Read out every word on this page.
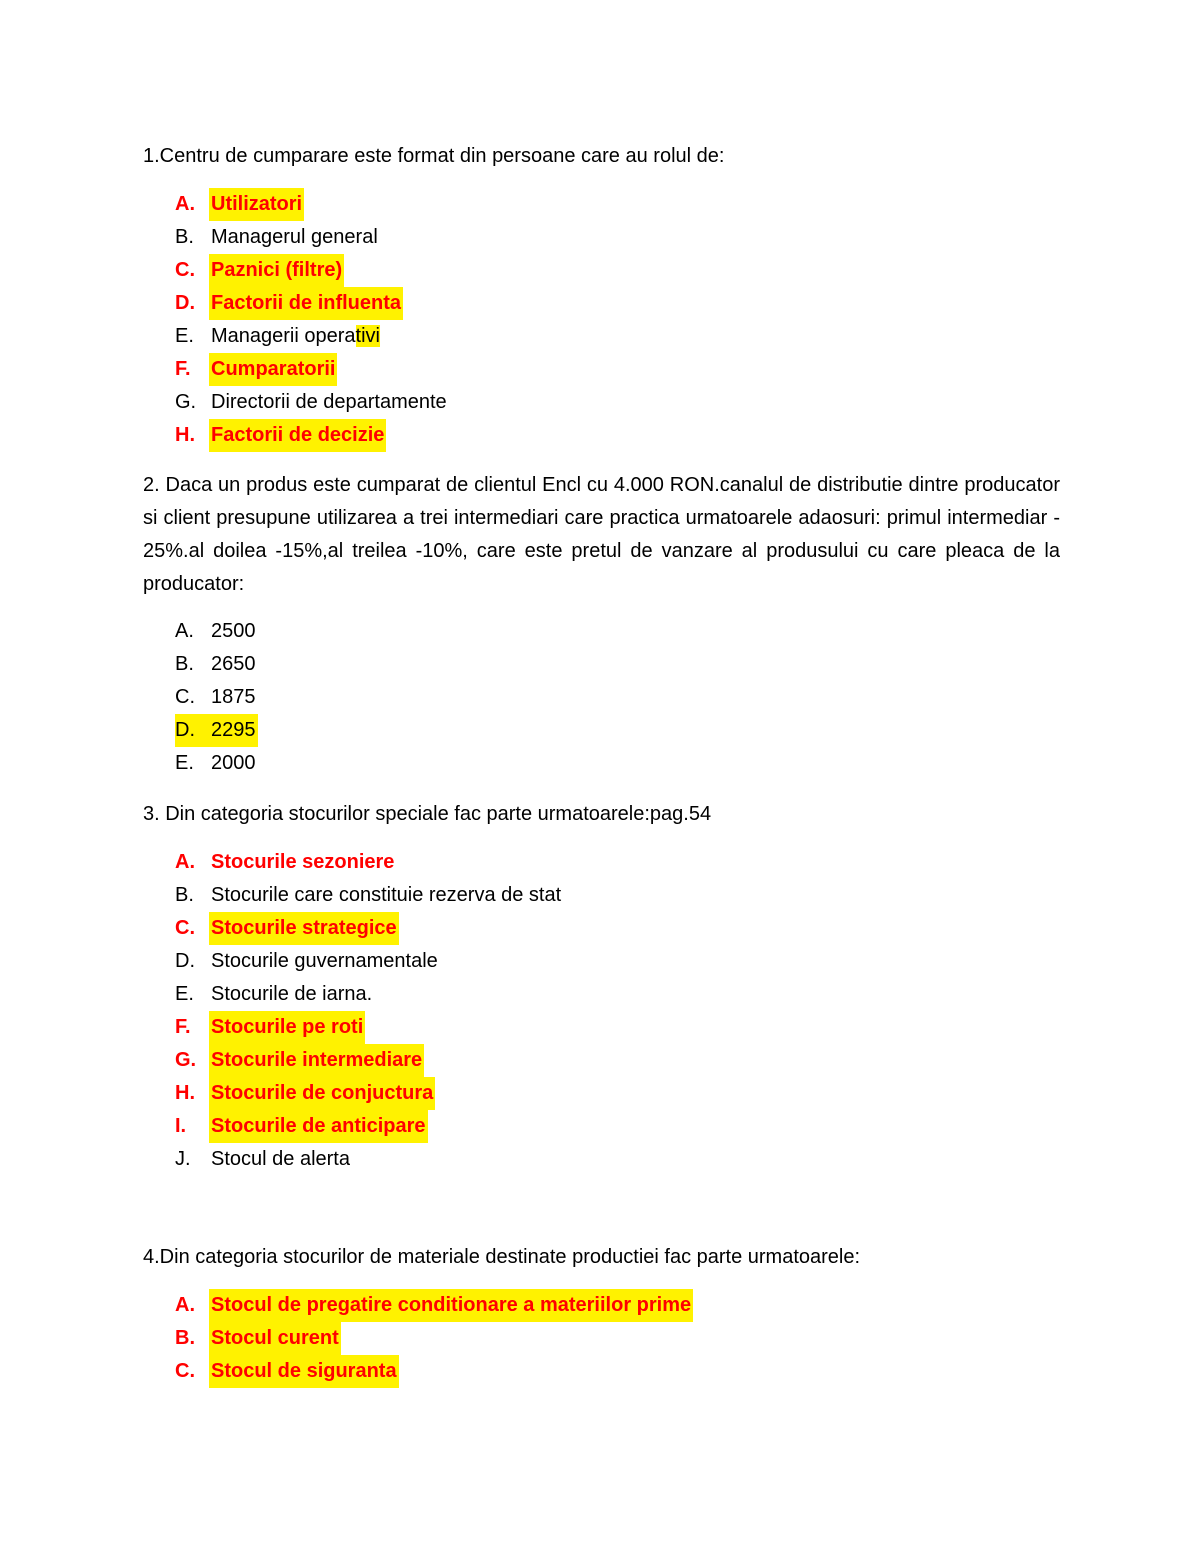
1.Centru de cumparare este format din persoane care au rolul de:

A. Utilizatori
B. Managerul general
C. Paznici (filtre)
D. Factorii de influenta
E. Managerii operativi
F.	Cumparatorii
G. Directorii de departamente
H. Factorii de decizie

2. Daca un produs este cumparat de clientul Encl cu 4.000 RON.canalul de distributie dintre producator si client presupune utilizarea a trei intermediari care practica urmatoarele adaosuri: primul intermediar - 25%.al doilea -15%,al treilea -10%, care este pretul de vanzare al produsului cu care pleaca de la producator:

A. 2500
B. 2650
C. 1875
D. 2295
E. 2000

3. Din categoria stocurilor speciale fac parte urmatoarele:pag.54

A. Stocurile sezoniere
B. Stocurile care constituie rezerva de stat
C. Stocurile strategice
D. Stocurile guvernamentale
E. Stocurile de iarna.
F.	Stocurile pe roti
G. Stocurile intermediare
H. Stocurile de conjuctura
I.	Stocurile de anticipare
J.	Stocul de alerta

4.Din categoria stocurilor de materiale destinate productiei fac parte urmatoarele:

A. Stocul de pregatire conditionare a materiilor prime
B. Stocul curent
C. Stocul de siguranta
